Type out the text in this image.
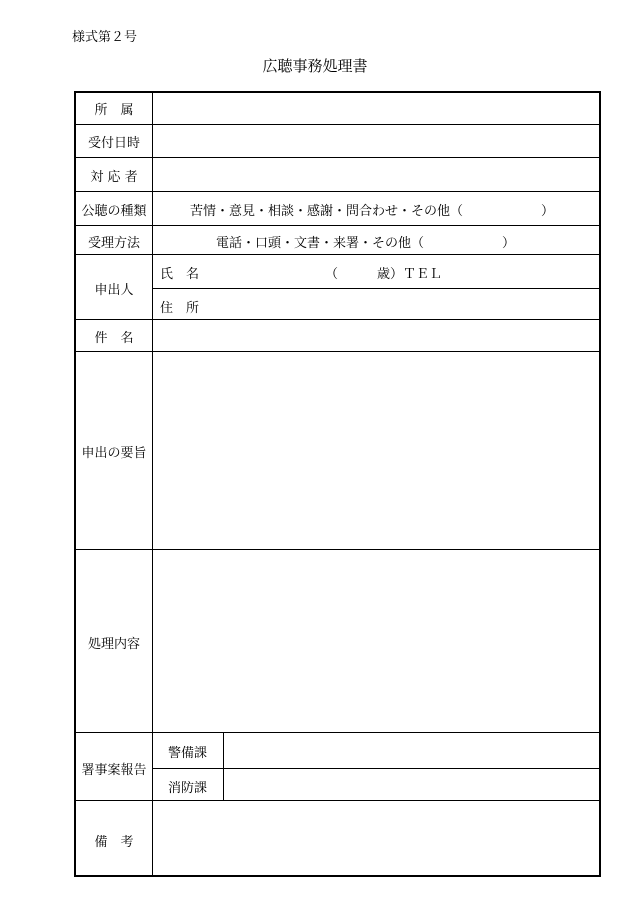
様式第２号
広聴事務処理書
所　属
受付日時
対 応 者
公聴の種類
受理方法
申出人
件　名
申出の要旨
処理内容
署事案報告
備　考
苦情・意見・相談・感謝・問合わせ・その他（　　　　　　）
電話・口頭・文書・来署・その他（　　　　　　）
氏　名	（　　　歳）ＴＥＬ
住　所
警備課
消防課
